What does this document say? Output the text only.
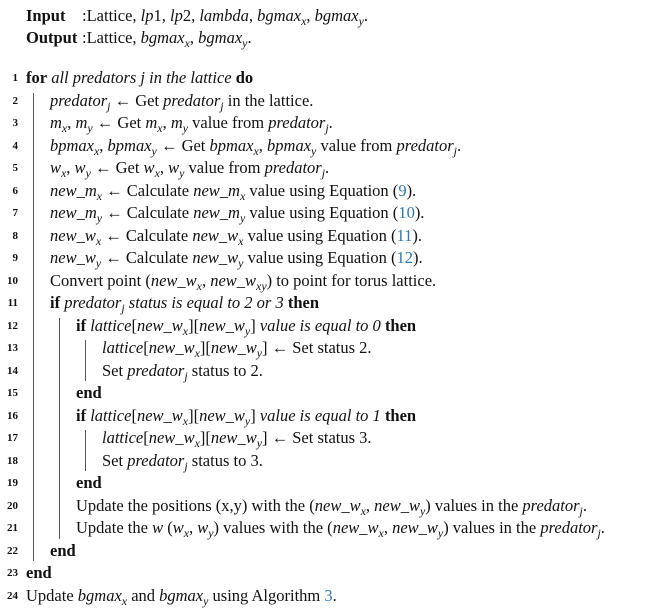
Input :Lattice, lp1, lp2, lambda, bgmax$_x$, bgmax$_y$.
Output :Lattice, bgmax$_x$, bgmax$_y$.
1 for all predators j in the lattice do
2 predator$_j$ ← Get predator$_j$ in the lattice.
3 $m_x$, $m_y$ ← Get $m_x$, $m_y$ value from predator$_j$.
4 bpmax$_x$, bpmax$_y$ ← Get bpmax$_x$, bpmax$_y$ value from predator$_j$.
5 $w_x$, $w_y$ ← Get $w_x$, $w_y$ value from predator$_j$.
6 $new\_m_x$ ← Calculate $new\_m_x$ value using Equation (9).
7 $new\_m_y$ ← Calculate $new\_m_y$ value using Equation (10).
8 $new\_w_x$ ← Calculate $new\_w_x$ value using Equation (11).
9 $new\_w_y$ ← Calculate $new\_w_y$ value using Equation (12).
10 Convert point ($new\_w_x$, $new\_w_{xy}$) to point for torus lattice.
11 if predator$_j$ status is equal to 2 or 3 then
12	if $lattice[new\_w_x][new\_w_y]$ value is equal to 0 then
13	$lattice[new\_w_x][new\_w_y]$ ← Set status 2.
14	Set predator$_j$ status to 2.
15	end
16	if $lattice[new\_w_x][new\_w_y]$ value is equal to 1 then
17	$lattice[new\_w_x][new\_w_y]$ ← Set status 3.
18	Set predator$_j$ status to 3.
19	end
20	Update the positions (x,y) with the ($new\_w_x$, $new\_w_y$) values in the predator$_j$.
21	Update the w ($w_x$, $w_y$) values with the ($new\_w_x$, $new\_w_y$) values in the predator$_j$.
22 end
23 end
24 Update bgmax$_x$ and bgmax$_y$ using Algorithm 3.
